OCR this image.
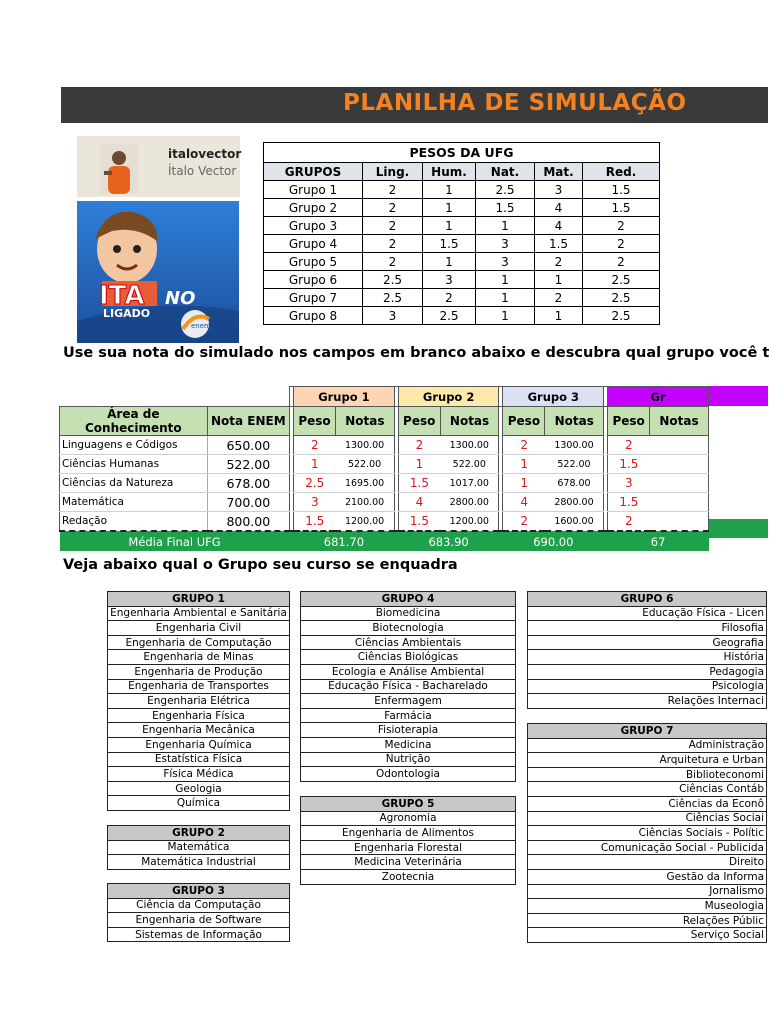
PLANILHA DE SIMULAÇÃO
italovector
Ítalo Vector
ITA NO
LIGADO
enem
PESOS DA UFG					
GRUPOS	Ling.	Hum.	Nat.	Mat.	Red.
Grupo 1	2	1	2.5	3	1.5
Grupo 2	2	1	1.5	4	1.5
Grupo 3	2	1	1	4	2
Grupo 4	2	1.5	3	1.5	2
Grupo 5	2	1	3	2	2
Grupo 6	2.5	3	1	1	2.5
Grupo 7	2.5	2	1	2	2.5
Grupo 8	3	2.5	1	1	2.5
Use sua nota do simulado nos campos em branco abaixo e descubra qual grupo você t
			Grupo 1			Grupo 2			Grupo 3			Gr	
Área de Conhecimento	Nota ENEM		Peso	Notas		Peso	Notas		Peso	Notas		Peso	Notas
Linguagens e Códigos	650.00		2	1300.00		2	1300.00		2	1300.00		2	
Ciências Humanas	522.00		1	522.00		1	522.00		1	522.00		1.5	
Ciências da Natureza	678.00		2.5	1695.00		1.5	1017.00		1	678.00		3	
Matemática	700.00		3	2100.00		4	2800.00		4	2800.00		1.5	
Redação	800.00		1.5	1200.00		1.5	1200.00		2	1600.00		2	
Média Final UFG			681.70			683.90			690.00			67	
Veja abaixo qual o Grupo seu curso se enquadra
GRUPO 1
Engenharia Ambiental e Sanitária
Engenharia Civil
Engenharia de Computação
Engenharia de Minas
Engenharia de Produção
Engenharia de Transportes
Engenharia Elétrica
Engenharia Física
Engenharia Mecânica
Engenharia Química
Estatística Física
Física Médica
Geologia
Química
GRUPO 2
Matemática
Matemática Industrial
GRUPO 3
Ciência da Computação
Engenharia de Software
Sistemas de Informação
GRUPO 4
Biomedicina
Biotecnologia
Ciências Ambientais
Ciências Biológicas
Ecologia e Análise Ambiental
Educação Física - Bacharelado
Enfermagem
Farmácia
Fisioterapia
Medicina
Nutrição
Odontologia
GRUPO 5
Agronomia
Engenharia de Alimentos
Engenharia Florestal
Medicina Veterinária
Zootecnia
GRUPO 6
Educação Física - Licen
Filosofia
Geografia
História
Pedagogia
Psicologia
Relações Internaci
GRUPO 7
Administração
Arquitetura e Urban
Biblioteconomi
Ciências Contáb
Ciências da Econô
Ciências Sociai
Ciências Sociais - Polític
Comunicação Social - Publicida
Direito
Gestão da Informa
Jornalismo
Museologia
Relações Públic
Serviço Social
